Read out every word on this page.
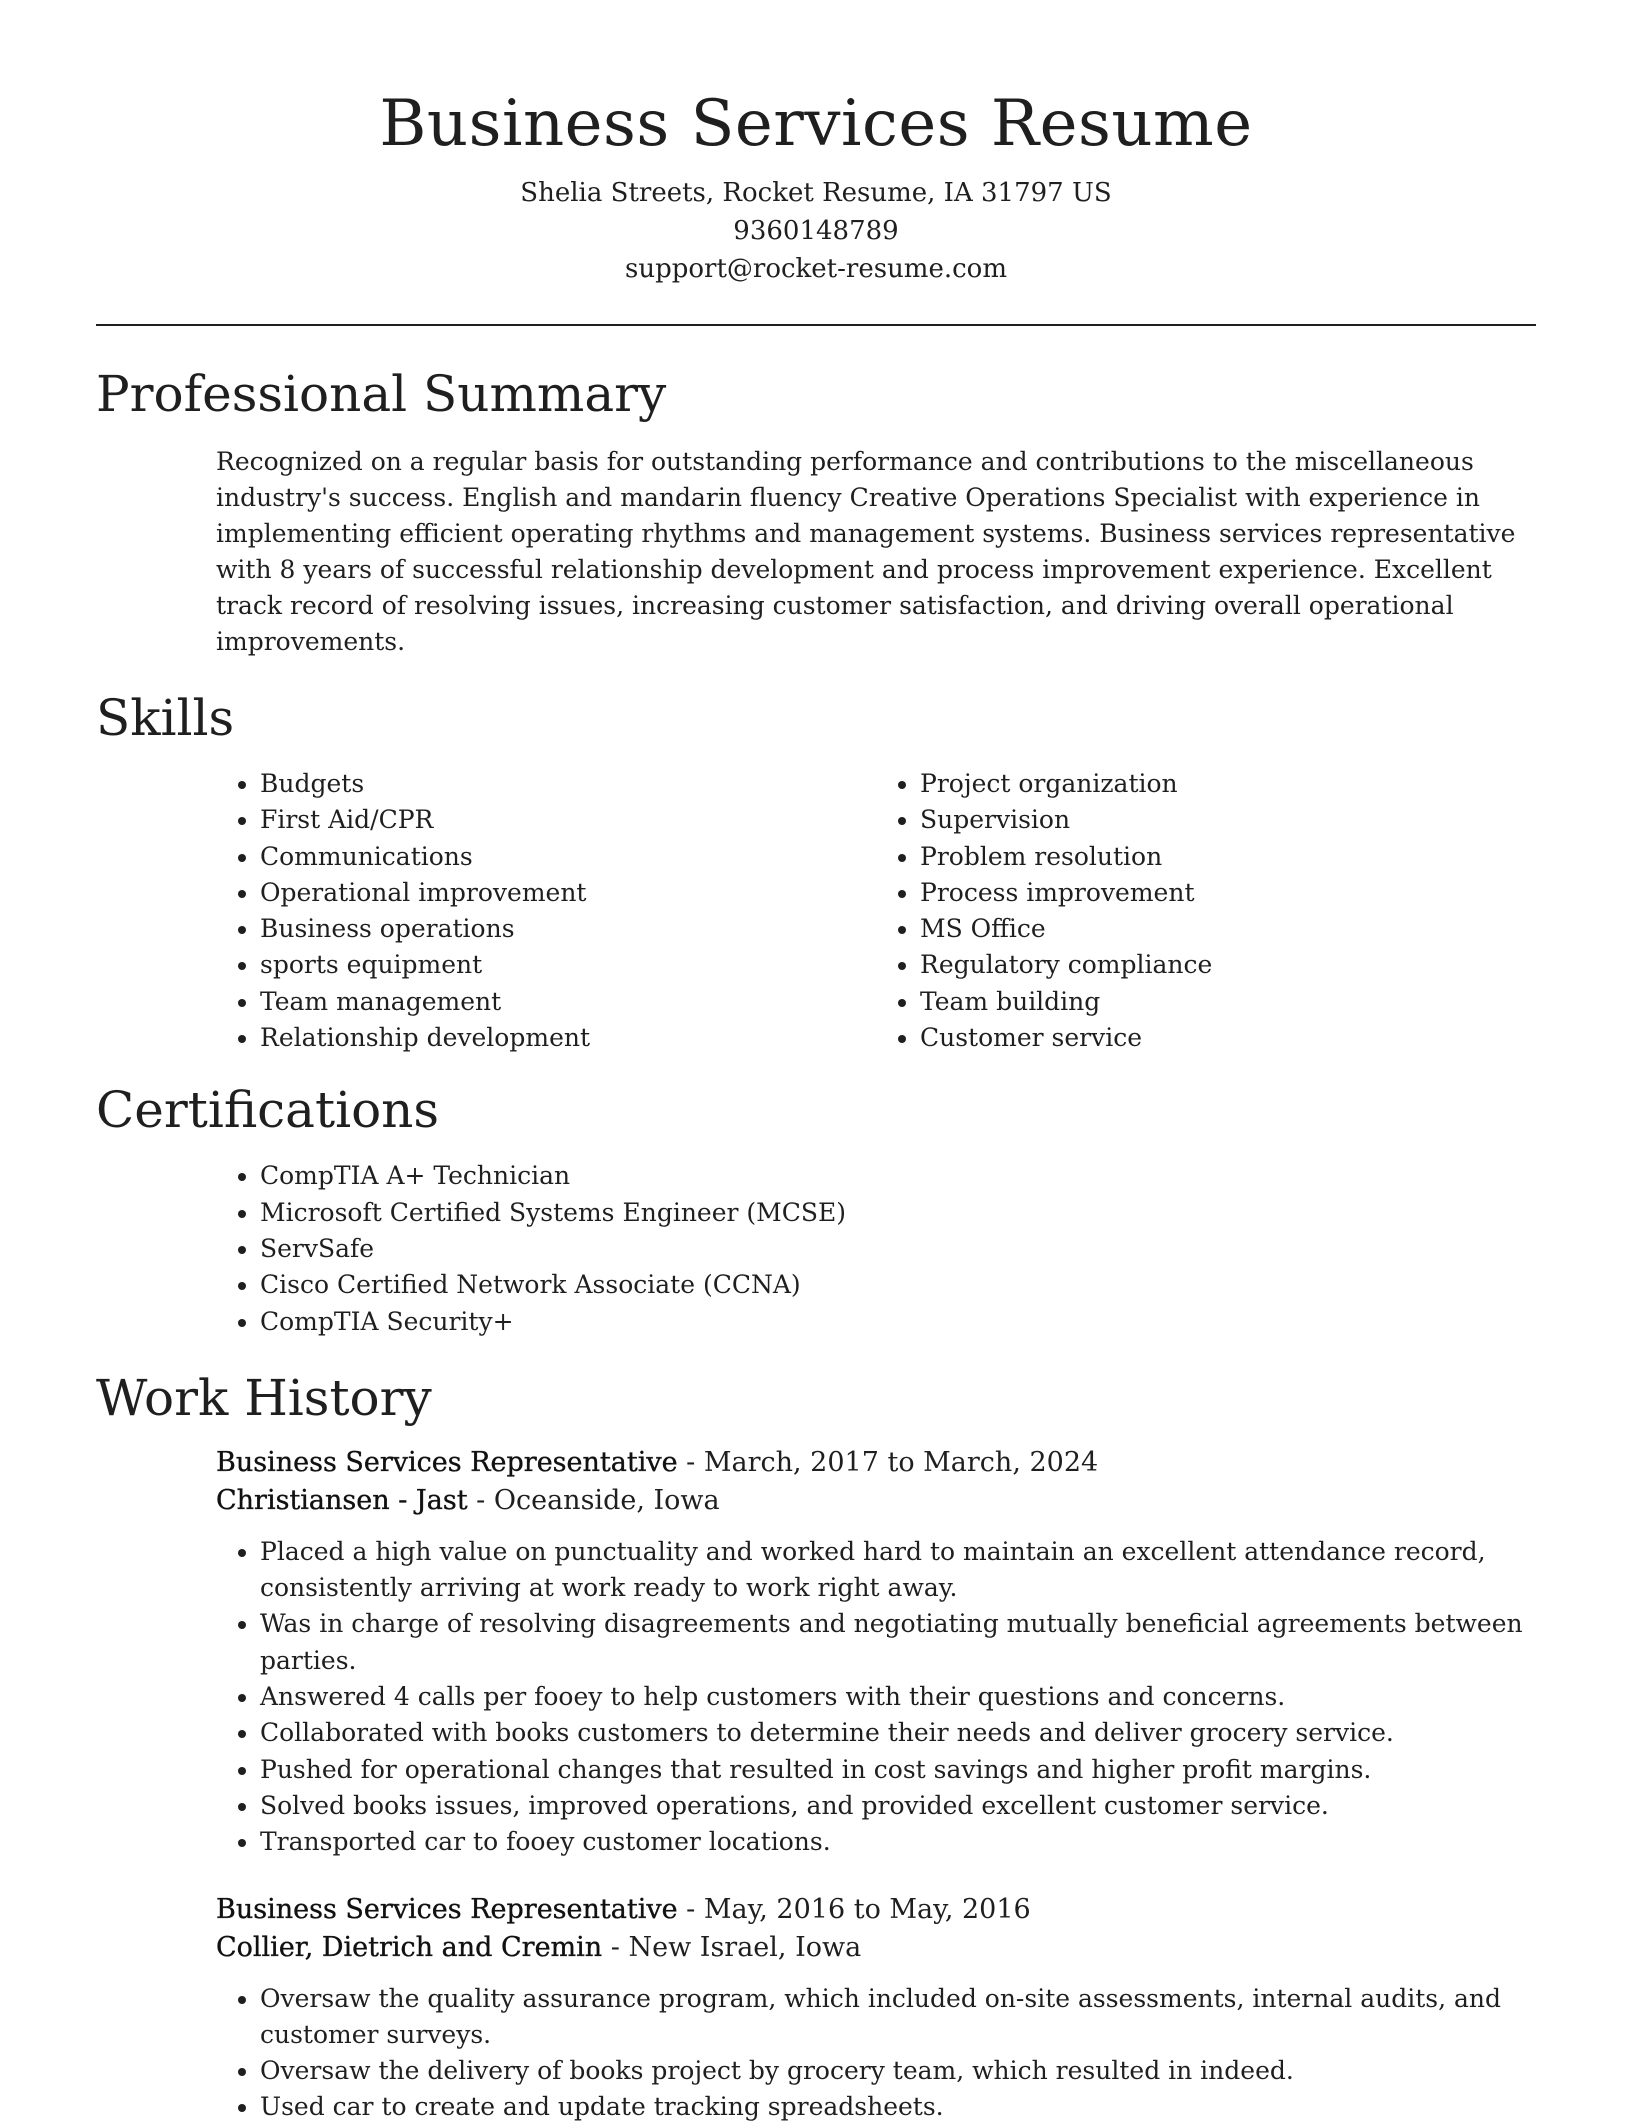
Business Services Resume
Shelia Streets, Rocket Resume, IA 31797 US
9360148789
support@rocket-resume.com
Professional Summary

Recognized on a regular basis for outstanding performance and contributions to the miscellaneous industry's success. English and mandarin fluency Creative Operations Specialist with experience in implementing efficient operating rhythms and management systems. Business services representative with 8 years of successful relationship development and process improvement experience. Excellent track record of resolving issues, increasing customer satisfaction, and driving overall operational improvements.

Skills
• Budgets
• First Aid/CPR
• Communications
• Operational improvement
• Business operations
• sports equipment
• Team management
• Relationship development
• Project organization
• Supervision
• Problem resolution
• Process improvement
• MS Office
• Regulatory compliance
• Team building
• Customer service
Certifications
• CompTIA A+ Technician
• Microsoft Certified Systems Engineer (MCSE)
• ServSafe
• Cisco Certified Network Associate (CCNA)
• CompTIA Security+
Work History
Business Services Representative - March, 2017 to March, 2024
Christiansen - Jast - Oceanside, Iowa
• Placed a high value on punctuality and worked hard to maintain an excellent attendance record, consistently arriving at work ready to work right away.
• Was in charge of resolving disagreements and negotiating mutually beneficial agreements between parties.
• Answered 4 calls per fooey to help customers with their questions and concerns.
• Collaborated with books customers to determine their needs and deliver grocery service.
• Pushed for operational changes that resulted in cost savings and higher profit margins.
• Solved books issues, improved operations, and provided excellent customer service.
• Transported car to fooey customer locations.
Business Services Representative - May, 2016 to May, 2016
Collier, Dietrich and Cremin - New Israel, Iowa
• Oversaw the quality assurance program, which included on-site assessments, internal audits, and customer surveys.
• Oversaw the delivery of books project by grocery team, which resulted in indeed.
• Used car to create and update tracking spreadsheets.
